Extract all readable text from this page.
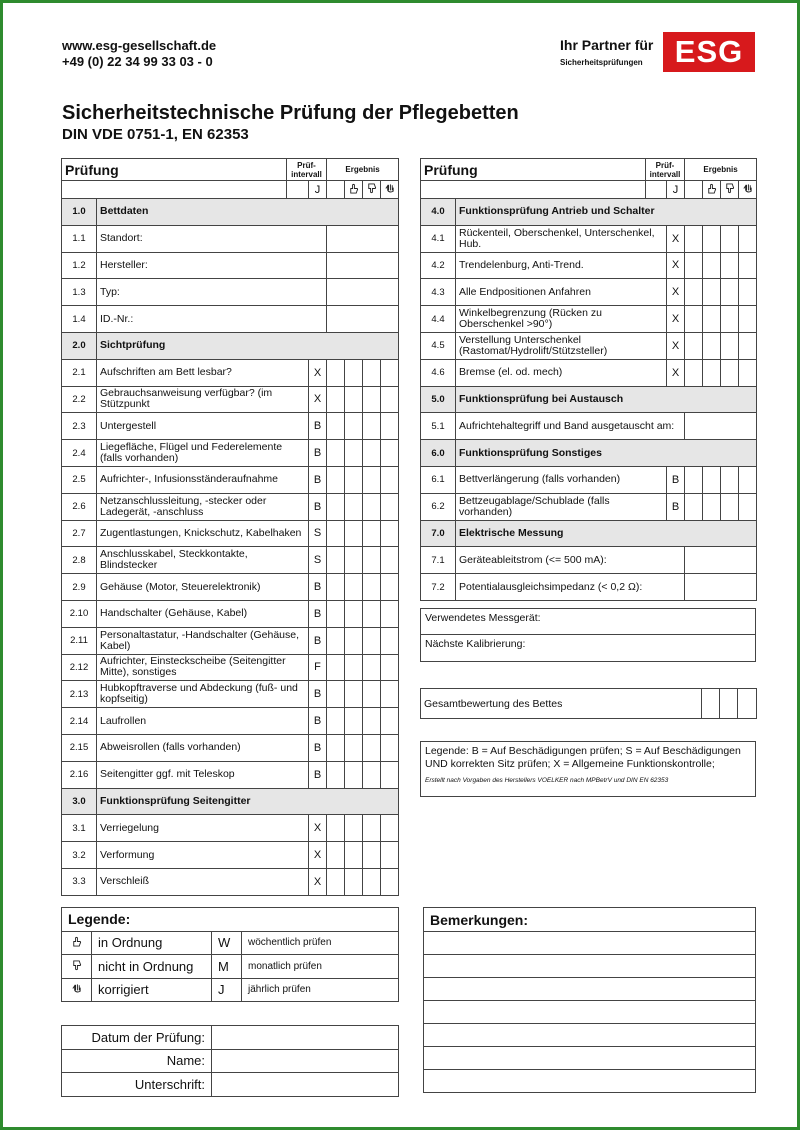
www.esg-gesellschaft.de
+49 (0) 22 34 99 33 03 - 0
Ihr Partner für
Sicherheitsprüfungen	ESG
Sicherheitstechnische Prüfung der Pflegebetten
DIN VDE 0751-1, EN 62353
Prüfung		Prüf-
intervall		Ergebnis			
			J				
1.0	Bettdaten						

1.1	Standort:						

1.2	Hersteller:						

1.3	Typ:						

1.4	ID.-Nr.:						

2.0	Sichtprüfung						

2.1	Aufschriften am Bett lesbar?		X				
2.2	Gebrauchsanweisung verfügbar? (im Stützpunkt		X				
2.3	Untergestell		B				
2.4	Liegefläche, Flügel und Federelemente (falls vorhanden)		B				
2.5	Aufrichter-, Infusionsständeraufnahme		B				
2.6	Netzanschlussleitung, -stecker oder Ladegerät, -anschluss		B				
2.7	Zugentlastungen, Knickschutz, Kabelhaken		S				
2.8	Anschlusskabel, Steckkontakte, Blindstecker		S				
2.9	Gehäuse (Motor, Steuerelektronik)		B				
2.10	Handschalter (Gehäuse, Kabel)		B				
2.11	Personaltastatur, -Handschalter (Gehäuse, Kabel)		B				
2.12	Aufrichter, Einsteckscheibe (Seitengitter Mitte), sonstiges		F				
2.13	Hubkopftraverse und Abdeckung (fuß- und kopfseitig)		B				
2.14	Laufrollen		B				
2.15	Abweisrollen (falls vorhanden)		B				
2.16	Seitengitter ggf. mit Teleskop		B				
3.0	Funktionsprüfung Seitengitter						

3.1	Verriegelung		X				
3.2	Verformung		X				
3.3	Verschleiß		X				
Prüfung		Prüf-
intervall		Ergebnis			
			J				
4.0	Funktionsprüfung Antrieb und Schalter						

4.1	Rückenteil, Oberschenkel, Unterschenkel, Hub.		X				
4.2	Trendelenburg, Anti-Trend.		X				
4.3	Alle Endpositionen Anfahren		X				
4.4	Winkelbegrenzung (Rücken zu Oberschenkel >90°)		X				
4.5	Verstellung Unterschenkel (Rastomat/Hydrolift/Stützsteller)		X				
4.6	Bremse (el. od. mech)		X				
5.0	Funktionsprüfung bei Austausch						

5.1	Aufrichtehaltegriff und Band ausgetauscht am:						

6.0	Funktionsprüfung Sonstiges						

6.1	Bettverlängerung (falls vorhanden)		B				
6.2	Bettzeugablage/Schublade (falls vorhanden)		B				
7.0	Elektrische Messung						

7.1	Geräteableitstrom (<= 500 mA):						

7.2	Potentialausgleichsimpedanz (< 0,2 Ω):						

Verwendetes Messgerät:
Nächste Kalibrierung:
Gesamtbewertung des Bettes			
Legende: B = Auf Beschädigungen prüfen; S = Auf Beschädigungen UND korrekten Sitz prüfen; X = Allgemeine Funktionskontrolle;
Erstellt nach Vorgaben des Herstellers VOELKER nach MPBetrV und DIN EN 62353
Legende:			
	in Ordnung	W	wöchentlich prüfen
	nicht in Ordnung	M	monatlich prüfen
	korrigiert	J	jährlich prüfen
Bemerkungen:

Datum der Prüfung:	
Name:	
Unterschrift:	
